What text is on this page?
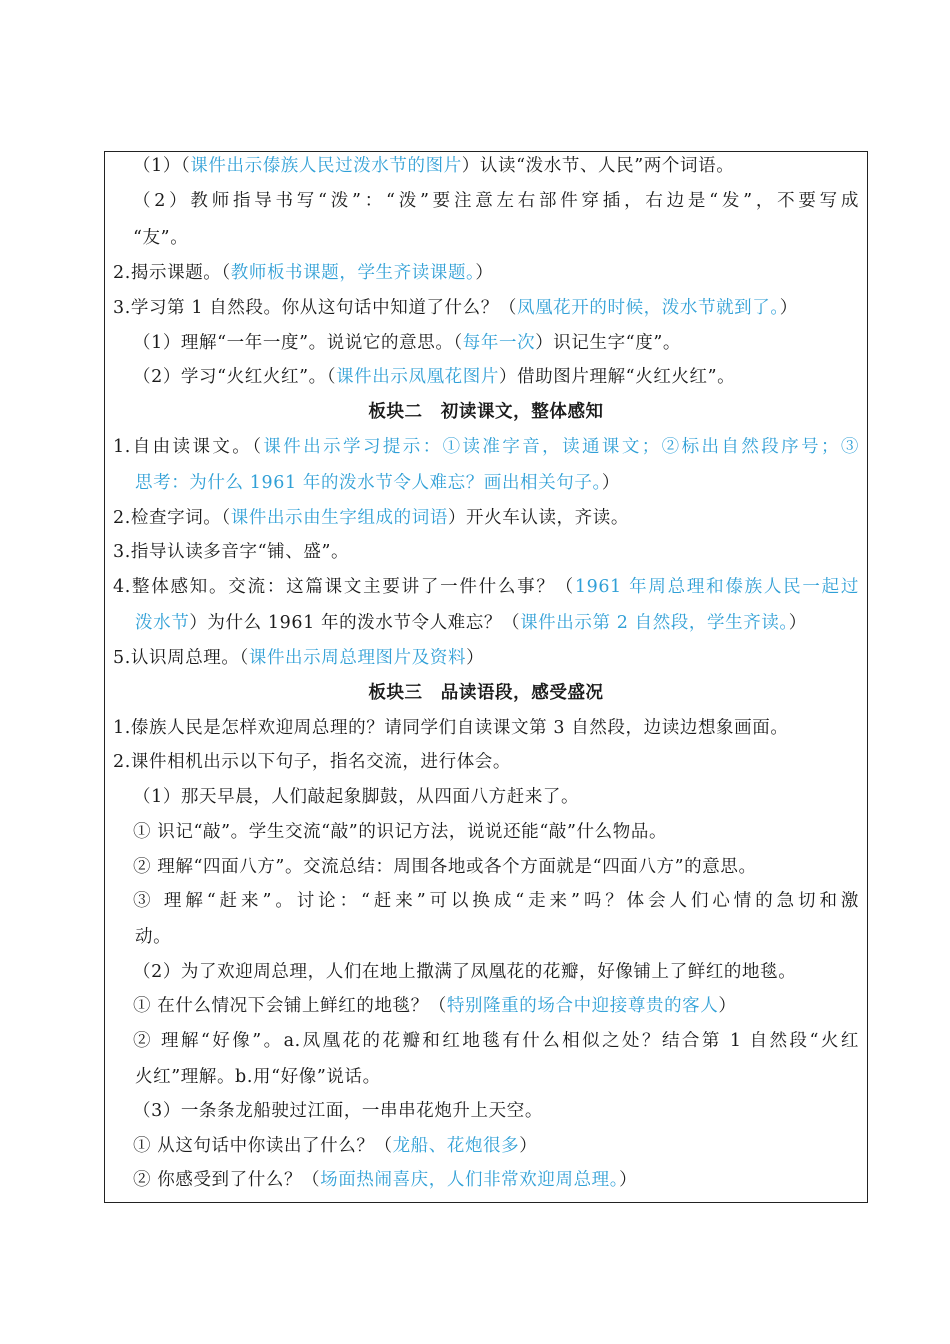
（1）（课件出示傣族人民过泼水节的图片）认读“泼水节、人民”两个词语。
（2）教师指导书写“泼”：“泼”要注意左右部件穿插，右边是“发”，不要写成
“友”。
2.揭示课题。（教师板书课题，学生齐读课题。）
3.学习第 1 自然段。你从这句话中知道了什么？（凤凰花开的时候，泼水节就到了。）
（1）理解“一年一度”。说说它的意思。（每年一次）识记生字“度”。
（2）学习“火红火红”。（课件出示凤凰花图片）借助图片理解“火红火红”。
板块二　初读课文，整体感知
1.自由读课文。（课件出示学习提示：①读准字音，读通课文；②标出自然段序号；③
思考：为什么 1961 年的泼水节令人难忘？画出相关句子。）
2.检查字词。（课件出示由生字组成的词语）开火车认读，齐读。
3.指导认读多音字“铺、盛”。
4.整体感知。交流：这篇课文主要讲了一件什么事？（1961 年周总理和傣族人民一起过
泼水节）为什么 1961 年的泼水节令人难忘？（课件出示第 2 自然段，学生齐读。）
5.认识周总理。（课件出示周总理图片及资料）
板块三　品读语段，感受盛况
1.傣族人民是怎样欢迎周总理的？请同学们自读课文第 3 自然段，边读边想象画面。
2.课件相机出示以下句子，指名交流，进行体会。
（1）那天早晨，人们敲起象脚鼓，从四面八方赶来了。
① 识记“敲”。学生交流“敲”的识记方法，说说还能“敲”什么物品。
② 理解“四面八方”。交流总结：周围各地或各个方面就是“四面八方”的意思。
③ 理解“赶来”。讨论：“赶来”可以换成“走来”吗？体会人们心情的急切和激
动。
（2）为了欢迎周总理，人们在地上撒满了凤凰花的花瓣，好像铺上了鲜红的地毯。
① 在什么情况下会铺上鲜红的地毯？（特别隆重的场合中迎接尊贵的客人）
② 理解“好像”。a.凤凰花的花瓣和红地毯有什么相似之处？结合第 1 自然段“火红
火红”理解。b.用“好像”说话。
（3）一条条龙船驶过江面，一串串花炮升上天空。
① 从这句话中你读出了什么？（龙船、花炮很多）
② 你感受到了什么？（场面热闹喜庆，人们非常欢迎周总理。）
